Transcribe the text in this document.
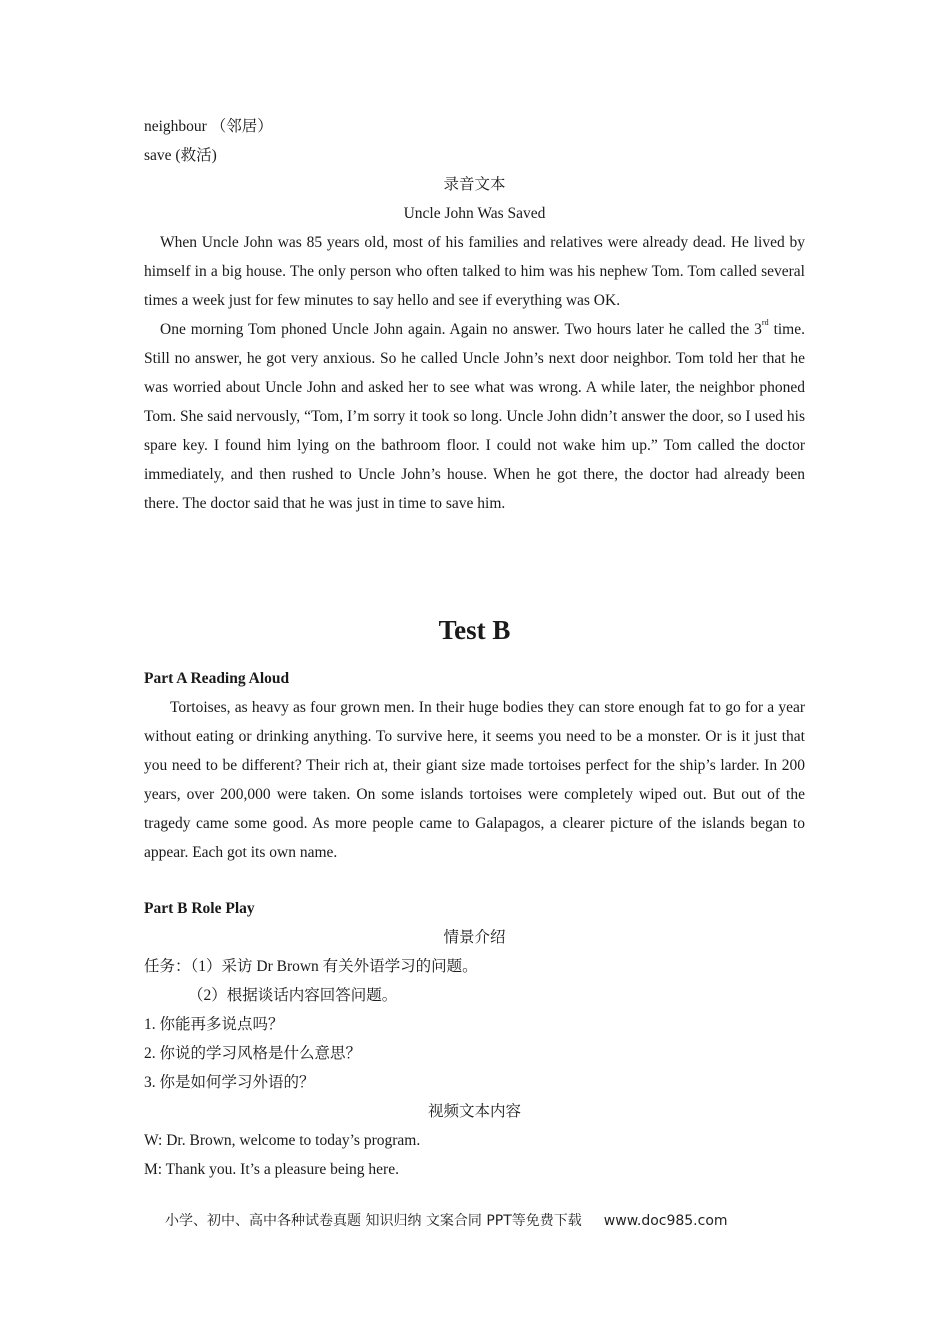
neighbour （邻居）
save (救活)
录音文本
Uncle John Was Saved
When Uncle John was 85 years old, most of his families and relatives were already dead. He lived by himself in a big house. The only person who often talked to him was his nephew Tom. Tom called several times a week just for few minutes to say hello and see if everything was OK.
One morning Tom phoned Uncle John again. Again no answer. Two hours later he called the 3rd time. Still no answer, he got very anxious. So he called Uncle John’s next door neighbor. Tom told her that he was worried about Uncle John and asked her to see what was wrong. A while later, the neighbor phoned Tom. She said nervously, “Tom, I’m sorry it took so long. Uncle John didn’t answer the door, so I used his spare key. I found him lying on the bathroom floor. I could not wake him up.” Tom called the doctor immediately, and then rushed to Uncle John’s house. When he got there, the doctor had already been there. The doctor said that he was just in time to save him.
Test B
Part A Reading Aloud
Tortoises, as heavy as four grown men. In their huge bodies they can store enough fat to go for a year without eating or drinking anything. To survive here, it seems you need to be a monster. Or is it just that you need to be different? Their rich at, their giant size made tortoises perfect for the ship’s larder. In 200 years, over 200,000 were taken. On some islands tortoises were completely wiped out. But out of the tragedy came some good. As more people came to Galapagos, a clearer picture of the islands began to appear. Each got its own name.
Part B Role Play
情景介绍
任务：（1）采访 Dr Brown 有关外语学习的问题。
（2）根据谈话内容回答问题。
1. 你能再多说点吗？
2. 你说的学习风格是什么意思？
3. 你是如何学习外语的？
视频文本内容
W: Dr. Brown, welcome to today’s program.
M: Thank you. It’s a pleasure being here.
小学、初中、高中各种试卷真题 知识归纳 文案合同 PPT等免费下载 www.doc985.com
